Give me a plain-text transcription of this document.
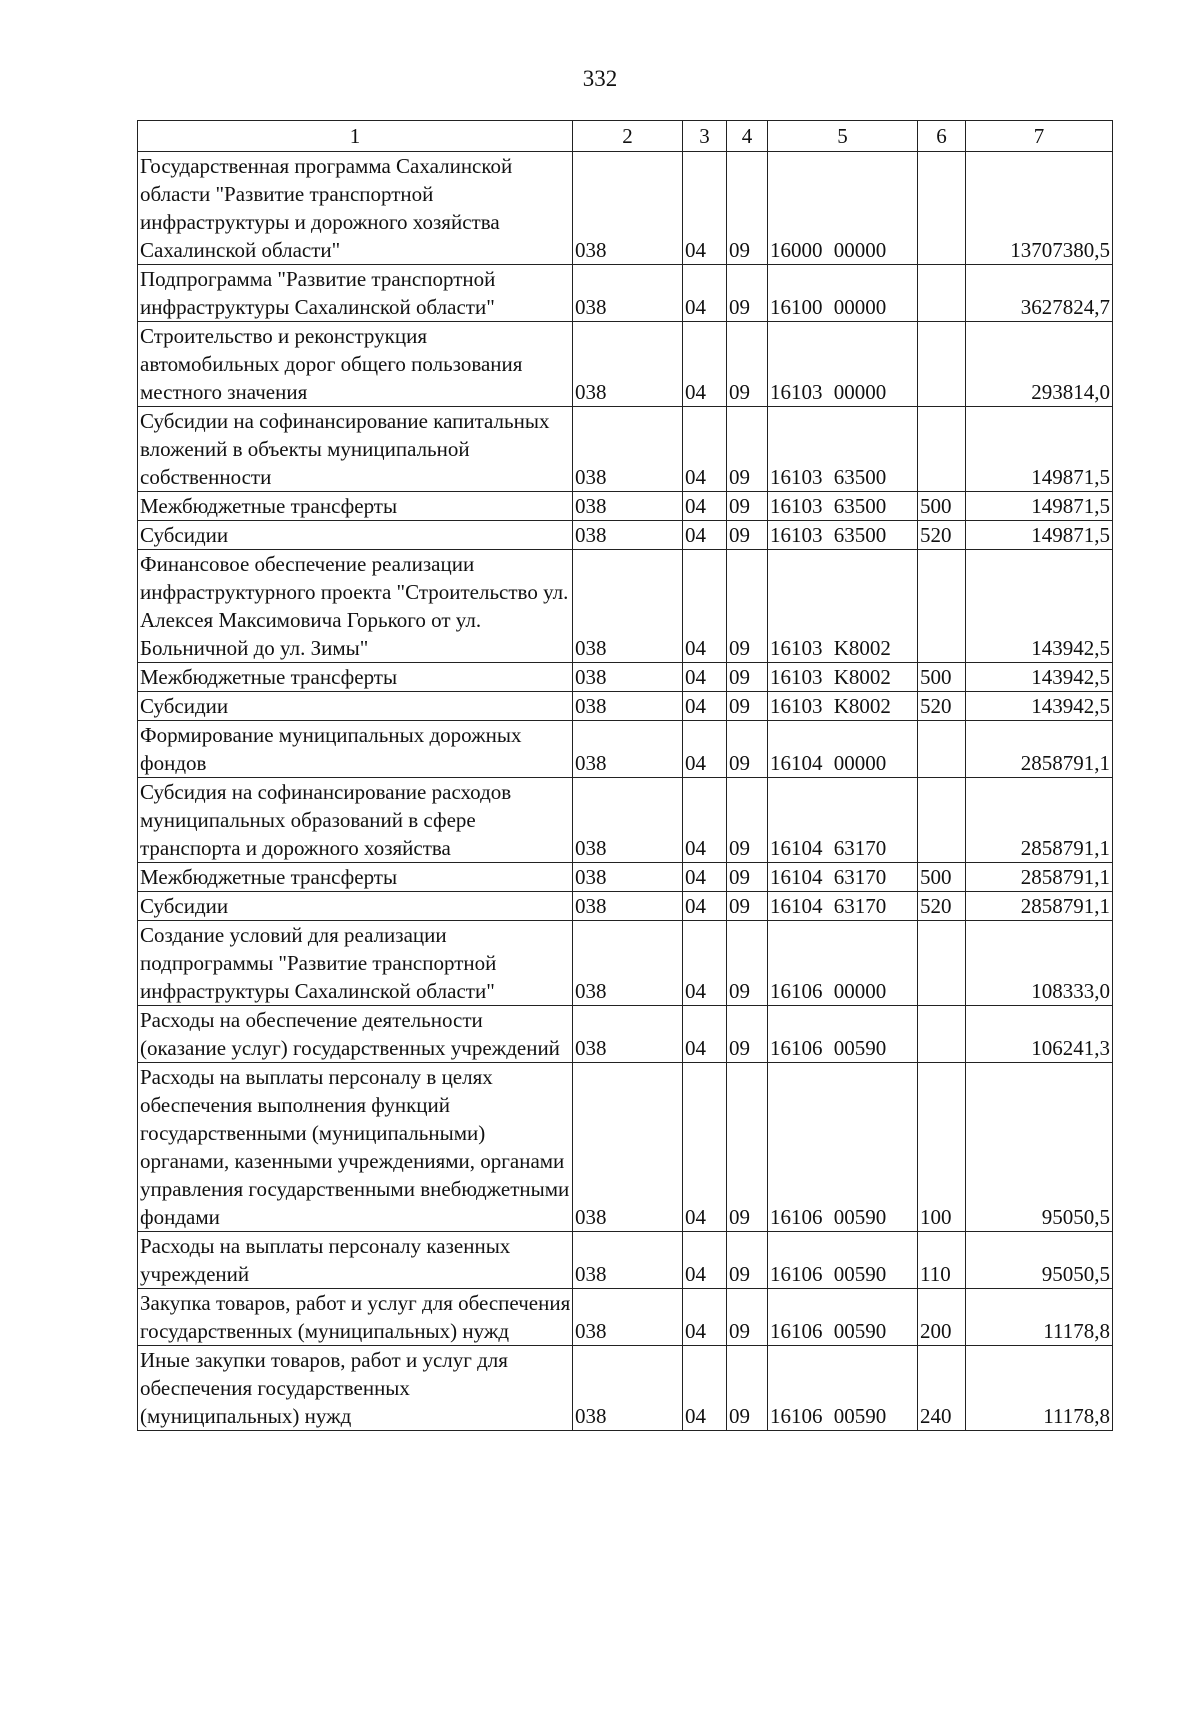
332
1	2	3	4	5	6	7
Государственная программа Сахалинской области "Развитие транспортной инфраструктуры и дорожного хозяйства Сахалинской области"	038	04	09	16000 00000		13707380,5
Подпрограмма "Развитие транспортной инфраструктуры Сахалинской области"	038	04	09	16100 00000		3627824,7
Строительство и реконструкция автомобильных дорог общего пользования местного значения	038	04	09	16103 00000		293814,0
Субсидии на софинансирование капитальных вложений в объекты муниципальной собственности	038	04	09	16103 63500		149871,5
Межбюджетные трансферты	038	04	09	16103 63500	500	149871,5
Субсидии	038	04	09	16103 63500	520	149871,5
Финансовое обеспечение реализации инфраструктурного проекта "Строительство ул. Алексея Максимовича Горького от ул. Больничной до ул. Зимы"	038	04	09	16103 K8002		143942,5
Межбюджетные трансферты	038	04	09	16103 K8002	500	143942,5
Субсидии	038	04	09	16103 K8002	520	143942,5
Формирование муниципальных дорожных фондов	038	04	09	16104 00000		2858791,1
Субсидия на софинансирование расходов муниципальных образований в сфере транспорта и дорожного хозяйства	038	04	09	16104 63170		2858791,1
Межбюджетные трансферты	038	04	09	16104 63170	500	2858791,1
Субсидии	038	04	09	16104 63170	520	2858791,1
Создание условий для реализации подпрограммы "Развитие транспортной инфраструктуры Сахалинской области"	038	04	09	16106 00000		108333,0
Расходы на обеспечение деятельности (оказание услуг) государственных учреждений	038	04	09	16106 00590		106241,3
Расходы на выплаты персоналу в целях обеспечения выполнения функций государственными (муниципальными) органами, казенными учреждениями, органами управления государственными внебюджетными фондами	038	04	09	16106 00590	100	95050,5
Расходы на выплаты персоналу казенных учреждений	038	04	09	16106 00590	110	95050,5
Закупка товаров, работ и услуг для обеспечения государственных (муниципальных) нужд	038	04	09	16106 00590	200	11178,8
Иные закупки товаров, работ и услуг для обеспечения государственных (муниципальных) нужд	038	04	09	16106 00590	240	11178,8
